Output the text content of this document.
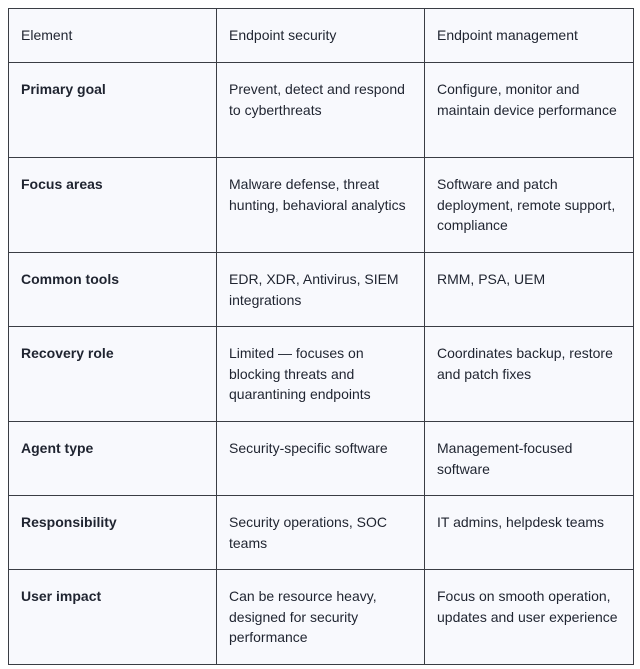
Element	Endpoint security	Endpoint management
Primary goal	Prevent, detect and respond to cyberthreats	Configure, monitor and maintain device performance
Focus areas	Malware defense, threat hunting, behavioral analytics	Software and patch deployment, remote support, compliance
Common tools	EDR, XDR, Antivirus, SIEM integrations	RMM, PSA, UEM
Recovery role	Limited — focuses on blocking threats and quarantining endpoints	Coordinates backup, restore and patch fixes
Agent type	Security-specific software	Management-focused software
Responsibility	Security operations, SOC teams	IT admins, helpdesk teams
User impact	Can be resource heavy, designed for security performance	Focus on smooth operation, updates and user experience
